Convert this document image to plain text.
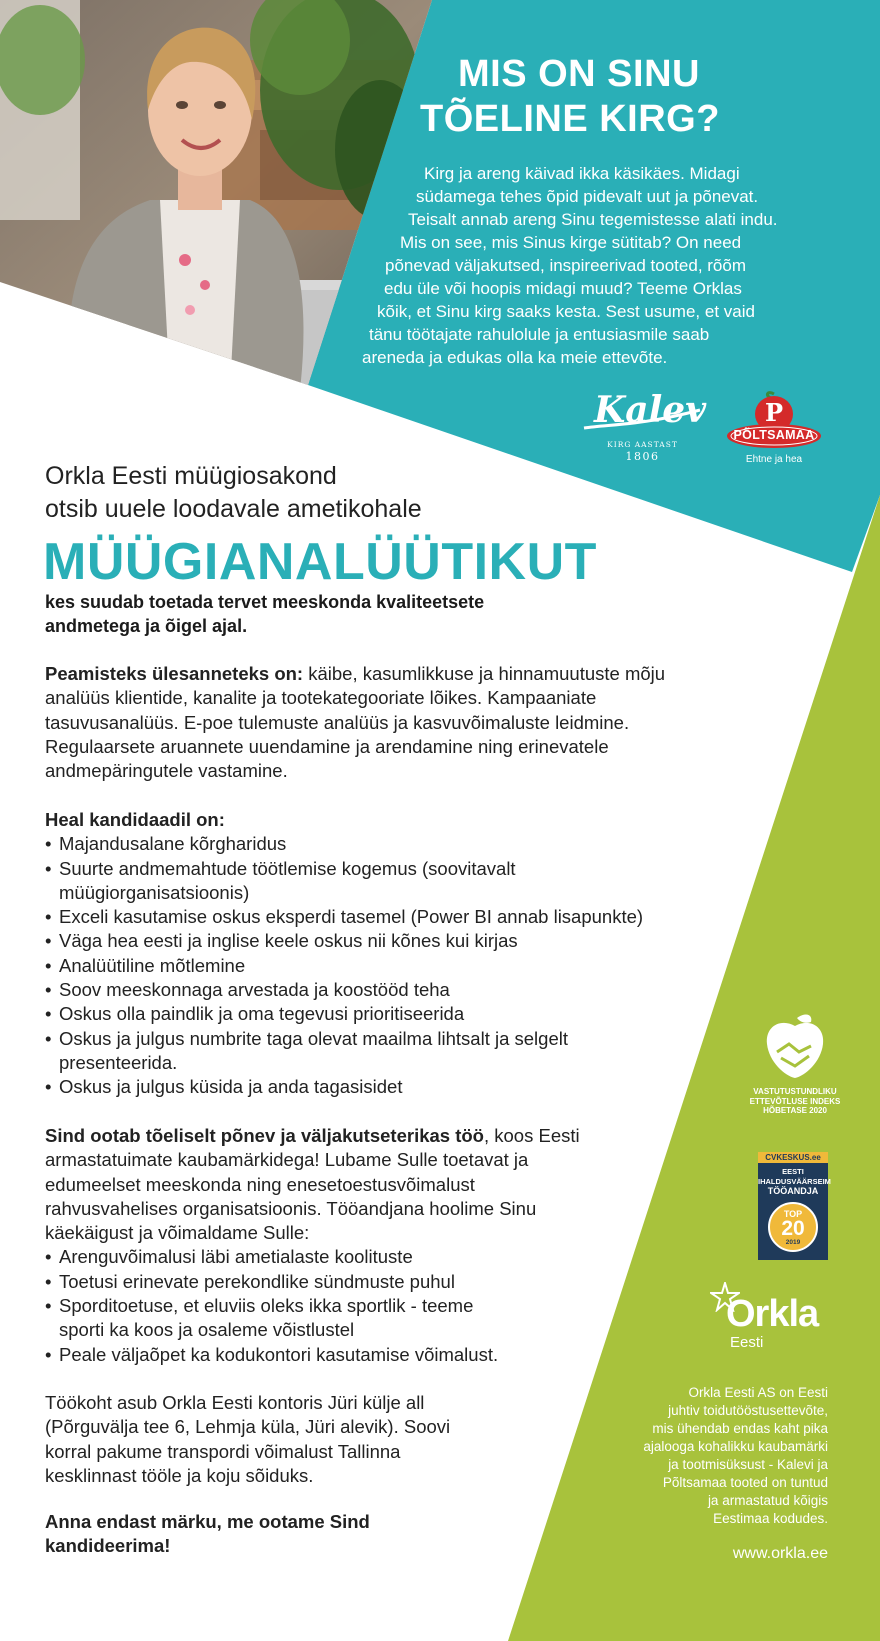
MIS ON SINU
TÕELINE KIRG?
Kirg ja areng käivad ikka käsikäes. Midagi
südamega tehes õpid pidevalt uut ja põnevat.
Teisalt annab areng Sinu tegemistesse alati indu.
Mis on see, mis Sinus kirge sütitab? On need
põnevad väljakutsed, inspireerivad tooted, rõõm
edu üle või hoopis midagi muud? Teeme Orklas
kõik, et Sinu kirg saaks kesta. Sest usume, et vaid
tänu töötajate rahulolule ja entusiasmile saab
areneda ja edukas olla ka meie ettevõte.
Kalev
KIRG AASTAST
1806
P
PÕLTSAMAA
Ehtne ja hea
Orkla Eesti müügiosakond
otsib uuele loodavale ametikohale
MÜÜGIANALÜÜTIKUT
kes suudab toetada tervet meeskonda kvaliteetsete
andmetega ja õigel ajal.
Peamisteks ülesanneteks on: käibe, kasumlikkuse ja hinnamuutuste mõju
analüüs klientide, kanalite ja tootekategooriate lõikes. Kampaaniate
tasuvusanalüüs. E-poe tulemuste analüüs ja kasvuvõimaluste leidmine.
Regulaarsete aruannete uuendamine ja arendamine ning erinevatele
andmepäringutele vastamine.
Heal kandidaadil on:
• Majandusalane kõrgharidus
• Suurte andmemahtude töötlemise kogemus (soovitavalt
müügiorganisatsioonis)
• Exceli kasutamise oskus eksperdi tasemel (Power BI annab lisapunkte)
• Väga hea eesti ja inglise keele oskus nii kõnes kui kirjas
• Analüütiline mõtlemine
• Soov meeskonnaga arvestada ja koostööd teha
• Oskus olla paindlik ja oma tegevusi prioritiseerida
• Oskus ja julgus numbrite taga olevat maailma lihtsalt ja selgelt
presenteerida.
• Oskus ja julgus küsida ja anda tagasisidet
Sind ootab tõeliselt põnev ja väljakutseterikas töö, koos Eesti
armastatuimate kaubamärkidega! Lubame Sulle toetavat ja
edumeelset meeskonda ning enesetoestusvõimalust
rahvusvahelises organisatsioonis. Tööandjana hoolime Sinu
käekäigust ja võimaldame Sulle:
• Arenguvõimalusi läbi ametialaste koolituste
• Toetusi erinevate perekondlike sündmuste puhul
• Sporditoetuse, et eluviis oleks ikka sportlik - teeme
sporti ka koos ja osaleme võistlustel
• Peale väljaõpet ka kodukontori kasutamise võimalust.
Töökoht asub Orkla Eesti kontoris Jüri külje all
(Põrguvälja tee 6, Lehmja küla, Jüri alevik). Soovi
korral pakume transpordi võimalust Tallinna
kesklinnast tööle ja koju sõiduks.
Anna endast märku, me ootame Sind
kandideerima!
VASTUTUSTUNDLIKU
ETTEVÕTLUSE INDEKS
HÕBETASE 2020
CVKESKUS.ee
EESTI
IHALDUSVÄÄRSEIM
TÖÖANDJA
TOP
20
2019
Orkla
Eesti
Orkla Eesti AS on Eesti
juhtiv toidutööstusettevõte,
mis ühendab endas kaht pika
ajalooga kohalikku kaubamärki
ja tootmisüksust - Kalevi ja
Põltsamaa tooted on tuntud
ja armastatud kõigis
Eestimaa kodudes.
www.orkla.ee
